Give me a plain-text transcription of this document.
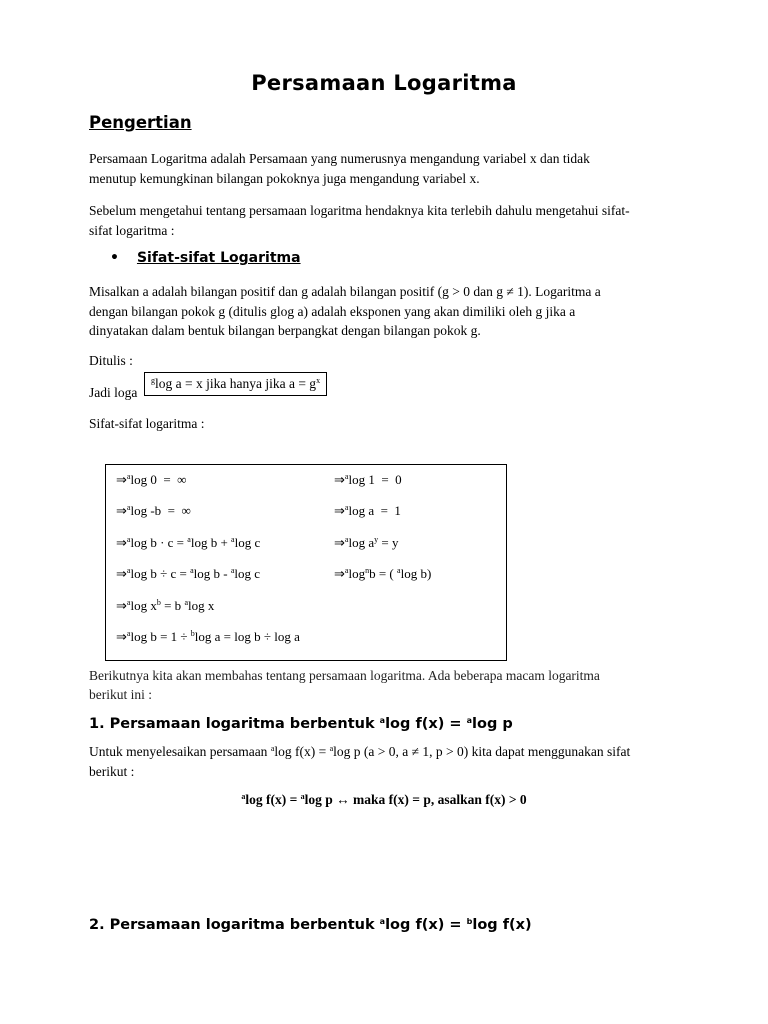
Persamaan Logaritma
Pengertian
Persamaan Logaritma adalah Persamaan yang numerusnya mengandung variabel x dan tidak
menutup kemungkinan bilangan pokoknya juga mengandung variabel x.
Sebelum mengetahui tentang persamaan logaritma hendaknya kita terlebih dahulu mengetahui sifat-
sifat logaritma :
• Sifat-sifat Logaritma
Misalkan a adalah bilangan positif dan g adalah bilangan positif (g > 0 dan g ≠ 1). Logaritma a
dengan bilangan pokok g (ditulis glog a) adalah eksponen yang akan dimiliki oleh g jika a
dinyatakan dalam bentuk bilangan berpangkat dengan bilangan pokok g.
Ditulis :
Jadi loga
$^g$log a = x jika hanya jika $a = g^x$
Sifat-sifat logaritma :
⇒$^a$log 0  =  ∞
⇒$^a$log -b  =  ∞
⇒$^a$log b · c = $^a$log b + $^a$log c
⇒$^a$log b ÷ c = $^a$log b - $^a$log c
⇒$^a$log $x^b = b$ $^a$log x
⇒$^a$log b = 1 ÷ $^b$log a = log b ÷ log a
⇒$^a$log 1  =  0
⇒$^a$log a  =  1
⇒$^a$log $a^y = y$
$\Rightarrow^a\log^nb$ = ( $^a$log b)
Berikutnya kita akan membahas tentang persamaan logaritma. Ada beberapa macam logaritma
berikut ini :
1. Persamaan logaritma berbentuk $^a$log f(x) = $^a$log p
Untuk menyelesaikan persamaan $^a$log f(x) = $^a$log p (a > 0, a ≠ 1, p > 0) kita dapat menggunakan sifat
berikut :
$^a$log f(x) = $^a$log p ↔ maka f(x) = p, asalkan f(x) > 0
2. Persamaan logaritma berbentuk $^a$log f(x) = $^b$log f(x)
